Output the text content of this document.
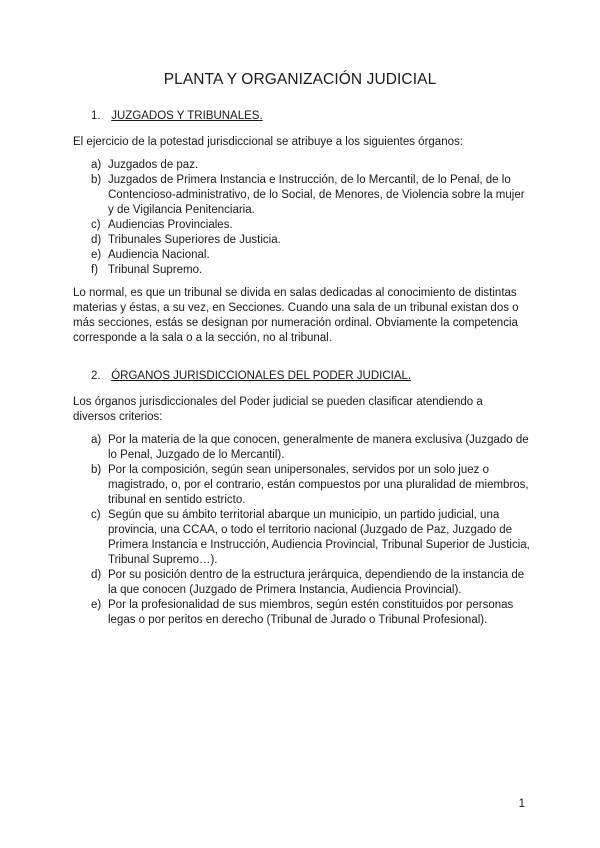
PLANTA Y ORGANIZACIÓN JUDICIAL
1. JUZGADOS Y TRIBUNALES.

El ejercicio de la potestad jurisdiccional se atribuye a los siguientes órganos:

a) Juzgados de paz.
b) Juzgados de Primera Instancia e Instrucción, de lo Mercantil, de lo Penal, de lo Contencioso-administrativo, de lo Social, de Menores, de Violencia sobre la mujer y de Vigilancia Penitenciaria.
c) Audiencias Provinciales.
d) Tribunales Superiores de Justicia.
e) Audiencia Nacional.
f) Tribunal Supremo.

Lo normal, es que un tribunal se divida en salas dedicadas al conocimiento de distintas materias y éstas, a su vez, en Secciones. Cuando una sala de un tribunal existan dos o más secciones, estás se designan por numeración ordinal. Obviamente la competencia corresponde a la sala o a la sección, no al tribunal.

2. ÓRGANOS JURISDICCIONALES DEL PODER JUDICIAL.

Los órganos jurisdiccionales del Poder judicial se pueden clasificar atendiendo a diversos criterios:

a) Por la materia de la que conocen, generalmente de manera exclusiva (Juzgado de lo Penal, Juzgado de lo Mercantil).
b) Por la composición, según sean unipersonales, servidos por un solo juez o magistrado, o, por el contrario, están compuestos por una pluralidad de miembros, tribunal en sentido estricto.
c) Según que su ámbito territorial abarque un municipio, un partido judicial, una provincia, una CCAA, o todo el territorio nacional (Juzgado de Paz, Juzgado de Primera Instancia e Instrucción, Audiencia Provincial, Tribunal Superior de Justicia, Tribunal Supremo…).
d) Por su posición dentro de la estructura jerárquica, dependiendo de la instancia de la que conocen (Juzgado de Primera Instancia, Audiencia Provincial).
e) Por la profesionalidad de sus miembros, según estén constituidos por personas legas o por peritos en derecho (Tribunal de Jurado o Tribunal Profesional).
1
